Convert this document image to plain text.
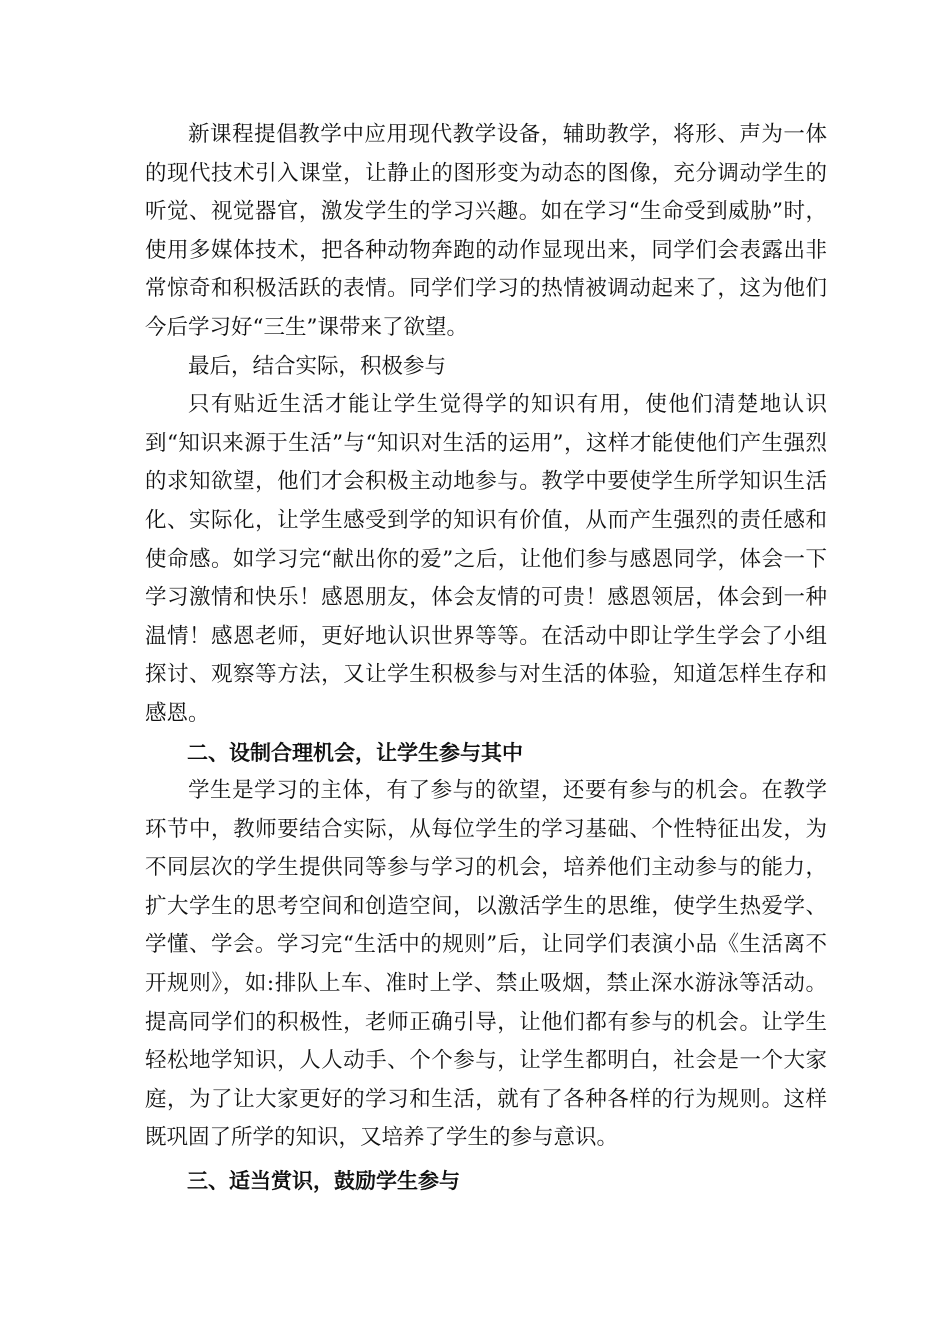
新课程提倡教学中应用现代教学设备，辅助教学，将形、声为一体的现代技术引入课堂，让静止的图形变为动态的图像，充分调动学生的听觉、视觉器官，激发学生的学习兴趣。如在学习“生命受到威胁”时，使用多媒体技术，把各种动物奔跑的动作显现出来，同学们会表露出非常惊奇和积极活跃的表情。同学们学习的热情被调动起来了，这为他们今后学习好“三生”课带来了欲望。

最后，结合实际，积极参与

只有贴近生活才能让学生觉得学的知识有用，使他们清楚地认识到“知识来源于生活”与“知识对生活的运用”，这样才能使他们产生强烈的求知欲望，他们才会积极主动地参与。教学中要使学生所学知识生活化、实际化，让学生感受到学的知识有价值，从而产生强烈的责任感和使命感。如学习完“献出你的爱”之后，让他们参与感恩同学，体会一下学习激情和快乐！感恩朋友，体会友情的可贵！感恩领居，体会到一种温情！感恩老师，更好地认识世界等等。在活动中即让学生学会了小组探讨、观察等方法，又让学生积极参与对生活的体验，知道怎样生存和感恩。

二、设制合理机会，让学生参与其中

学生是学习的主体，有了参与的欲望，还要有参与的机会。在教学环节中，教师要结合实际，从每位学生的学习基础、个性特征出发，为不同层次的学生提供同等参与学习的机会，培养他们主动参与的能力，扩大学生的思考空间和创造空间，以激活学生的思维，使学生热爱学、学懂、学会。学习完“生活中的规则”后，让同学们表演小品《生活离不开规则》，如:排队上车、准时上学、禁止吸烟，禁止深水游泳等活动。提高同学们的积极性，老师正确引导，让他们都有参与的机会。让学生轻松地学知识，人人动手、个个参与，让学生都明白，社会是一个大家庭，为了让大家更好的学习和生活，就有了各种各样的行为规则。这样既巩固了所学的知识，又培养了学生的参与意识。

三、适当赏识，鼓励学生参与
